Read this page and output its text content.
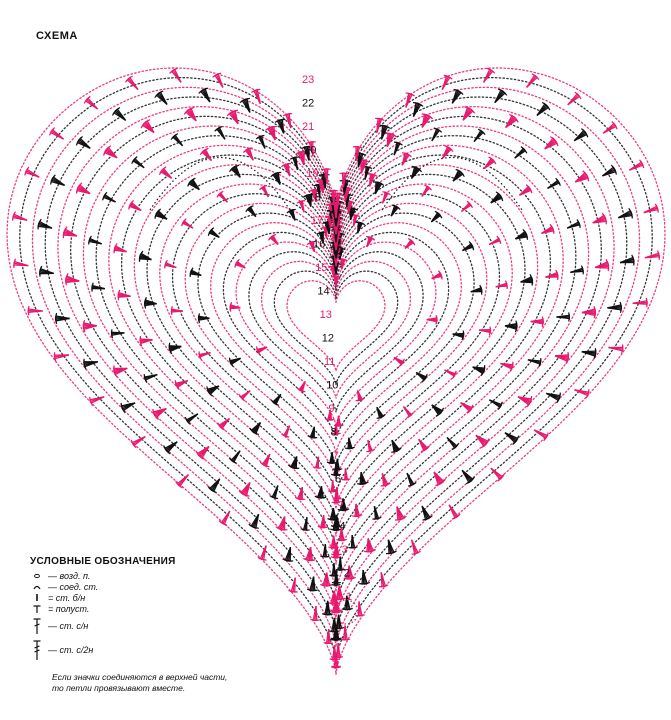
1
2
3
4
5
6
7
8
9
10
11
12
13
14
15
16
17
18
19
20
21
22
23
СХЕМА
УСЛОВНЫЕ ОБОЗНАЧЕНИЯ
— возд. п.
— соед. ст.
= ст. б/н
= полуст.
— ст. с/н
— ст. с/2н
Если значки соединяются в верхней части,
то петли провязывают вместе.
